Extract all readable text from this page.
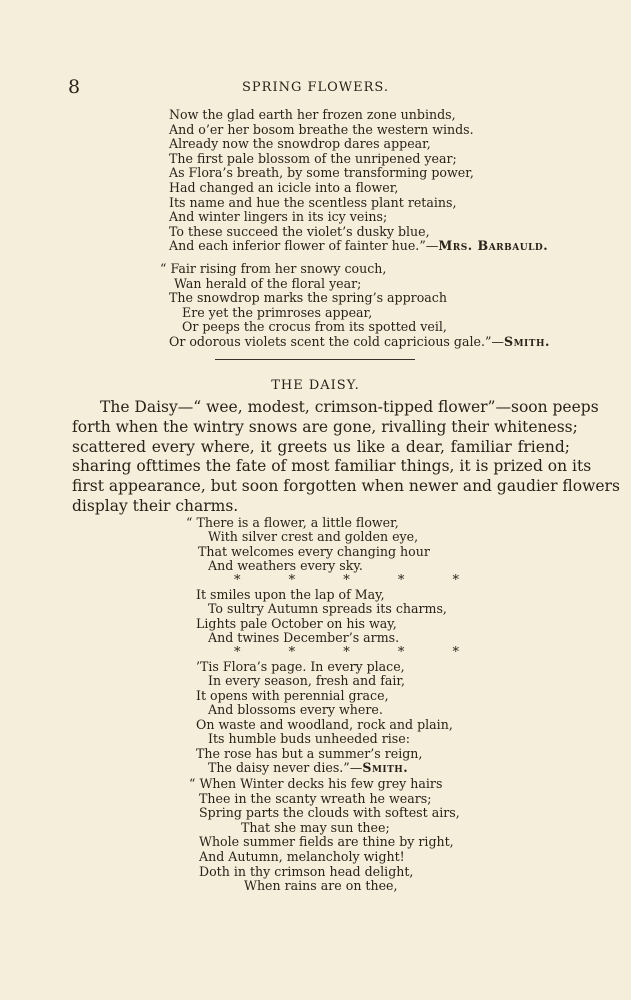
8	SPRING FLOWERS.
Now the glad earth her frozen zone unbinds,
And o’er her bosom breathe the western winds.
Already now the snowdrop dares appear,
The first pale blossom of the unripened year;
As Flora’s breath, by some transforming power,
Had changed an icicle into a flower,
Its name and hue the scentless plant retains,
And winter lingers in its icy veins;
To these succeed the violet’s dusky blue,
And each inferior flower of fainter hue.”—Mrs. Barbauld.
“ Fair rising from her snowy couch,
Wan herald of the floral year;
The snowdrop marks the spring’s approach
Ere yet the primroses appear,
Or peeps the crocus from its spotted veil,
Or odorous violets scent the cold capricious gale.”—Smith.
THE DAISY.
The Daisy—“ wee, modest, crimson-tipped flower”—soon peeps
forth when the wintry snows are gone, rivalling their whiteness;
scattered every where, it greets us like a dear, familiar friend;
sharing ofttimes the fate of most familiar things, it is prized on its
first appearance, but soon forgotten when newer and gaudier flowers
display their charms.
“ There is a flower, a little flower,
With silver crest and golden eye,
That welcomes every changing hour
And weathers every sky.
* * * * *
It smiles upon the lap of May,
To sultry Autumn spreads its charms,
Lights pale October on his way,
And twines December’s arms.
* * * * *
’Tis Flora’s page. In every place,
In every season, fresh and fair,
It opens with perennial grace,
And blossoms every where.
On waste and woodland, rock and plain,
Its humble buds unheeded rise:
The rose has but a summer’s reign,
The daisy never dies.”—Smith.
“ When Winter decks his few grey hairs
Thee in the scanty wreath he wears;
Spring parts the clouds with softest airs,
That she may sun thee;
Whole summer fields are thine by right,
And Autumn, melancholy wight!
Doth in thy crimson head delight,
When rains are on thee,
